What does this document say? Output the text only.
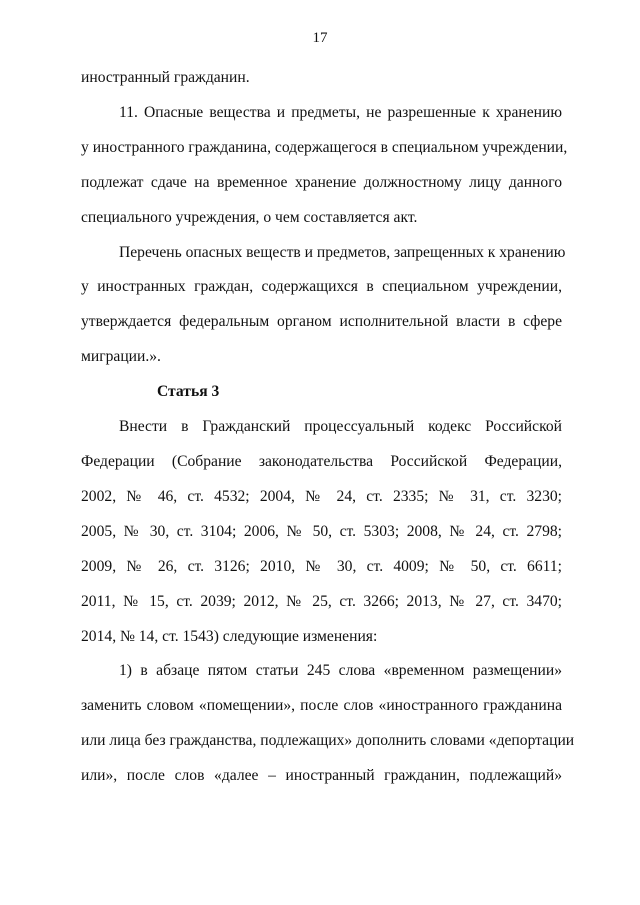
17
иностранный гражданин.
11. Опасные вещества и предметы, не разрешенные к хранению
у иностранного гражданина, содержащегося в специальном учреждении,
подлежат сдаче на временное хранение должностному лицу данного
специального учреждения, о чем составляется акт.
Перечень опасных веществ и предметов, запрещенных к хранению
у иностранных граждан, содержащихся в специальном учреждении,
утверждается федеральным органом исполнительной власти в сфере
миграции.».
Статья 3
Внести в Гражданский процессуальный кодекс Российской
Федерации (Собрание законодательства Российской Федерации,
2002, № 46, ст. 4532; 2004, № 24, ст. 2335; № 31, ст. 3230;
2005, № 30, ст. 3104; 2006, № 50, ст. 5303; 2008, № 24, ст. 2798;
2009, № 26, ст. 3126; 2010, № 30, ст. 4009; № 50, ст. 6611;
2011, № 15, ст. 2039; 2012, № 25, ст. 3266; 2013, № 27, ст. 3470;
2014, № 14, ст. 1543) следующие изменения:
1) в абзаце пятом статьи 245 слова «временном размещении»
заменить словом «помещении», после слов «иностранного гражданина
или лица без гражданства, подлежащих» дополнить словами «депортации
или», после слов «далее – иностранный гражданин, подлежащий»
